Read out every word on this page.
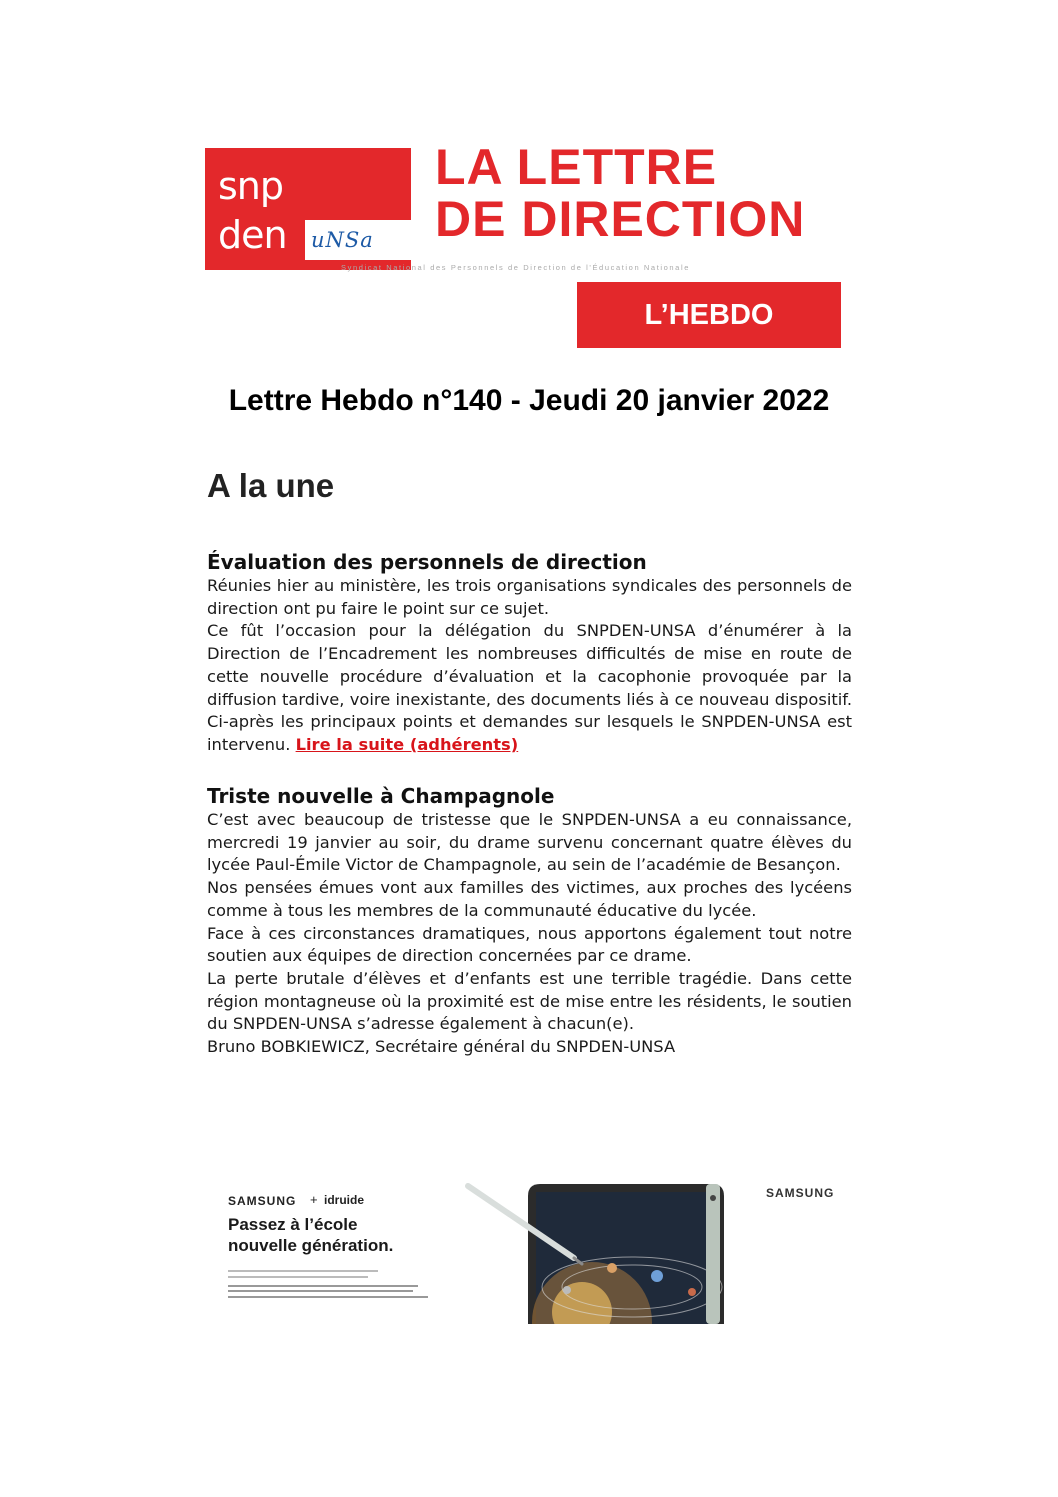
snp
den uNSa
LA LETTRE
DE DIRECTION
Syndicat National des Personnels de Direction de l'Éducation Nationale
L’HEBDO
Lettre Hebdo n°140 - Jeudi 20 janvier 2022
A la une
Évaluation des personnels de direction

Réunies hier au ministère, les trois organisations syndicales des personnels de direction ont pu faire le point sur ce sujet.

Ce fût l’occasion pour la délégation du SNPDEN-UNSA d’énumérer à la Direction de l’Encadrement les nombreuses difficultés de mise en route de cette nouvelle procédure d’évaluation et la cacophonie provoquée par la diffusion tardive, voire inexistante, des documents liés à ce nouveau dispositif. Ci-après les principaux points et demandes sur lesquels le SNPDEN-UNSA est intervenu. Lire la suite (adhérents)

Triste nouvelle à Champagnole

C’est avec beaucoup de tristesse que le SNPDEN-UNSA a eu connaissance, mercredi 19 janvier au soir, du drame survenu concernant quatre élèves du lycée Paul-Émile Victor de Champagnole, au sein de l’académie de Besançon.

Nos pensées émues vont aux familles des victimes, aux proches des lycéens comme à tous les membres de la communauté éducative du lycée.

Face à ces circonstances dramatiques, nous apportons également tout notre soutien aux équipes de direction concernées par ce drame.

La perte brutale d’élèves et d’enfants est une terrible tragédie. Dans cette région montagneuse où la proximité est de mise entre les résidents, le soutien du SNPDEN-UNSA s’adresse également à chacun(e).

Bruno BOBKIEWICZ, Secrétaire général du SNPDEN-UNSA

SAMSUNG + idruide
Passez à l’école
nouvelle génération.
SAMSUNG
